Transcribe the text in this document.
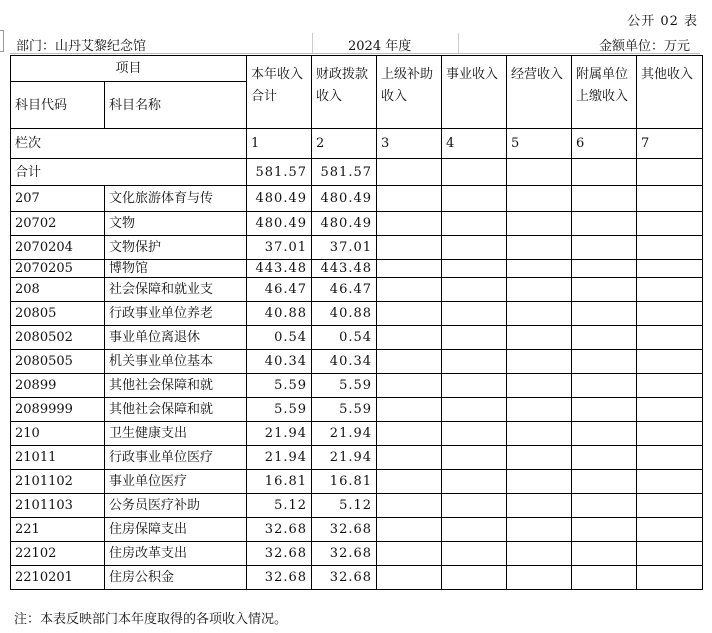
公开 02 表
部门：山丹艾黎纪念馆	2024 年度	金额单位：万元
项目		本年收入合计	财政拨款收入	上级补助收入	事业收入	经营收入	附属单位上缴收入	其他收入
科目代码	科目名称							
栏次		1	2	3	4	5	6	7
合计		581.57	581.57					
207	文化旅游体育与传	480.49	480.49					
20702	文物	480.49	480.49					
2070204	文物保护	37.01	37.01					
2070205	博物馆	443.48	443.48					
208	社会保障和就业支	46.47	46.47					
20805	行政事业单位养老	40.88	40.88					
2080502	事业单位离退休	0.54	0.54					
2080505	机关事业单位基本	40.34	40.34					
20899	其他社会保障和就	5.59	5.59					
2089999	其他社会保障和就	5.59	5.59					
210	卫生健康支出	21.94	21.94					
21011	行政事业单位医疗	21.94	21.94					
2101102	事业单位医疗	16.81	16.81					
2101103	公务员医疗补助	5.12	5.12					
221	住房保障支出	32.68	32.68					
22102	住房改革支出	32.68	32.68					
2210201	住房公积金	32.68	32.68					
注：本表反映部门本年度取得的各项收入情况。
